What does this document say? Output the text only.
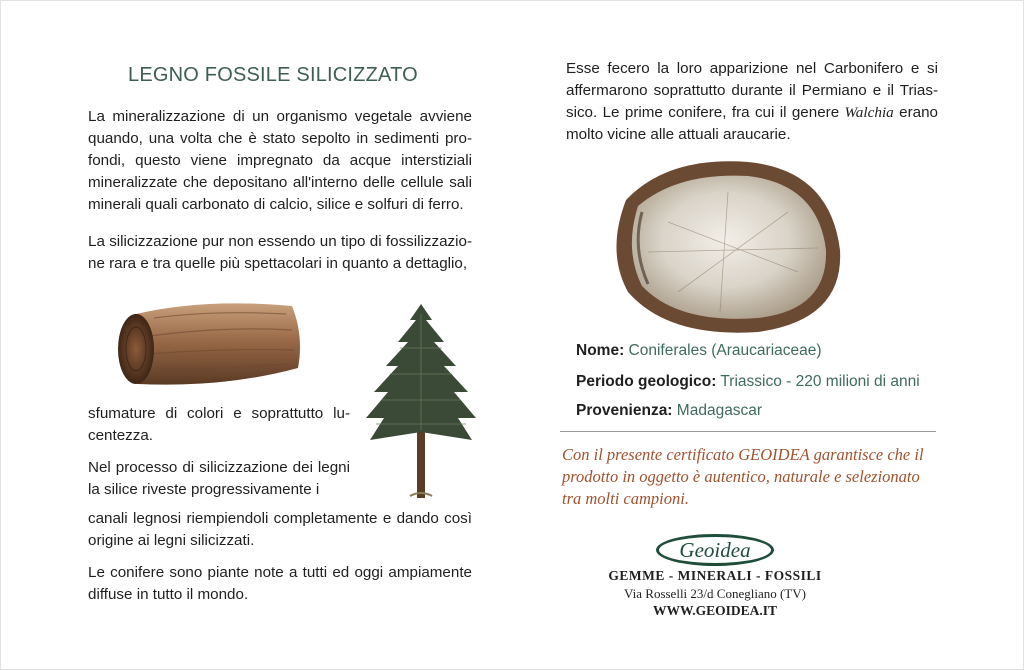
LEGNO FOSSILE SILICIZZATO

La mineralizzazione di un organismo vegetale avviene quando, una volta che è stato sepolto in sedimenti profondi, questo viene impregnato da acque interstiziali mineralizzate che depositano all'interno delle cellule sali minerali quali carbonato di calcio, silice e solfuri di ferro.

La silicizzazione pur non essendo un tipo di fossilizzazione rara e tra quelle più spettacolari in quanto a dettaglio,

sfumature di colori e soprattutto lucentezza.

Nel processo di silicizzazione dei legni la silice riveste progressivamente i

canali legnosi riempiendoli completamente e dando così origine ai legni silicizzati.

Le conifere sono piante note a tutti ed oggi ampiamente diffuse in tutto il mondo.

Esse fecero la loro apparizione nel Carbonifero e si affermarono soprattutto durante il Permiano e il Triassico. Le prime conifere, fra cui il genere Walchia erano molto vicine alle attuali araucarie.

Nome: Coniferales (Araucariaceae)
Periodo geologico: Triassico - 220 milioni di anni
Provenienza: Madagascar

Con il presente certificato GEOIDEA garantisce che il prodotto in oggetto è autentico, naturale e selezionato tra molti campioni.

Geoidea
GEMME - MINERALI - FOSSILI
Via Rosselli 23/d Conegliano (TV)
WWW.GEOIDEA.IT
